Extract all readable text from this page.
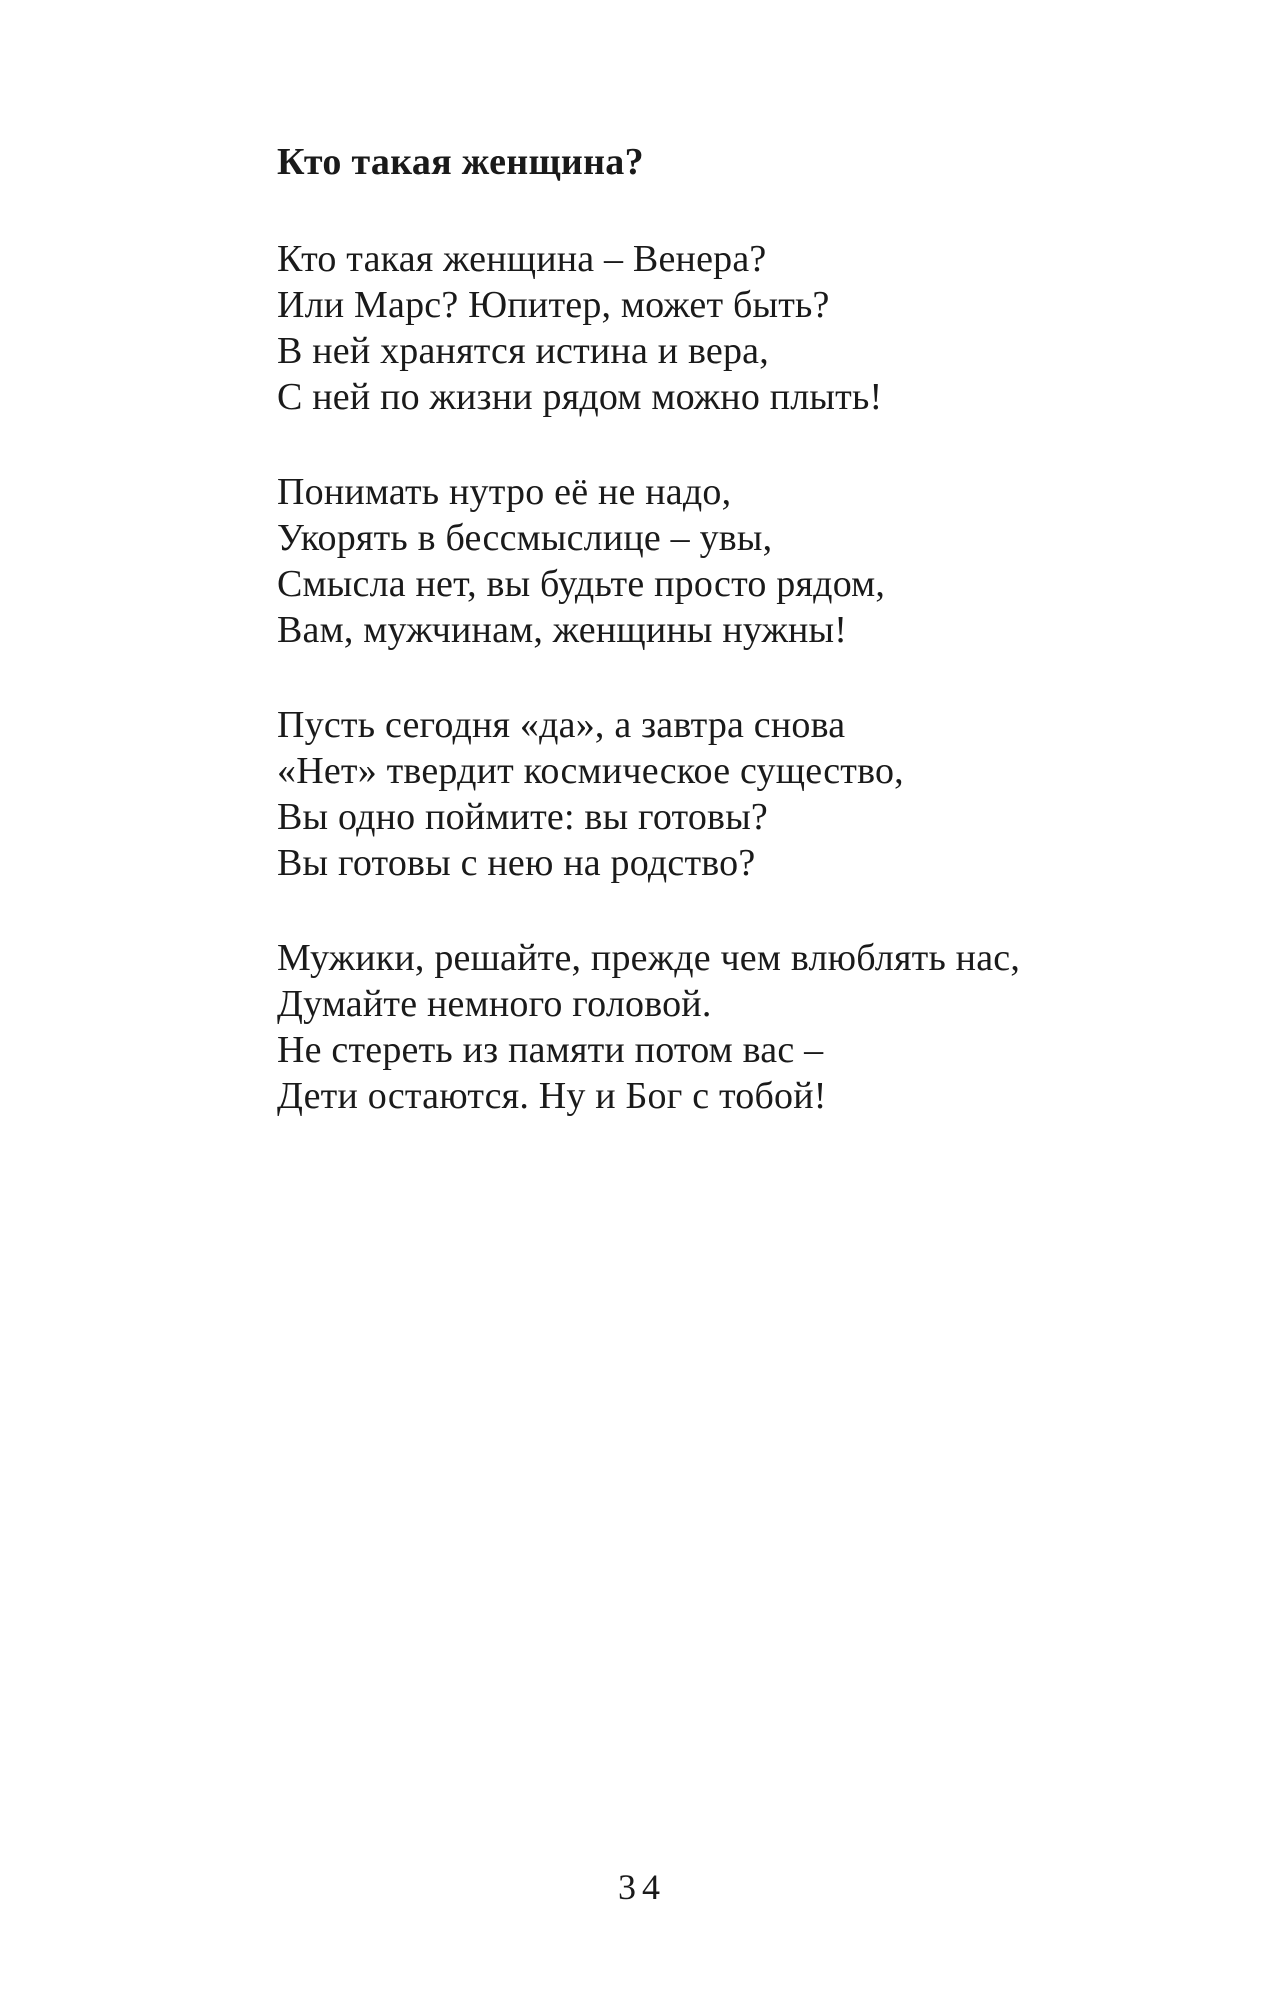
Кто такая женщина?
Кто такая женщина – Венера?
Или Марс? Юпитер, может быть?
В ней хранятся истина и вера,
С ней по жизни рядом можно плыть!
Понимать нутро её не надо,
Укорять в бессмыслице – увы,
Смысла нет, вы будьте просто рядом,
Вам, мужчинам, женщины нужны!
Пусть сегодня «да», а завтра снова
«Нет» твердит космическое существо,
Вы одно поймите: вы готовы?
Вы готовы с нею на родство?
Мужики, решайте, прежде чем влюблять нас,
Думайте немного головой.
Не стереть из памяти потом вас –
Дети остаются. Ну и Бог с тобой!
34
